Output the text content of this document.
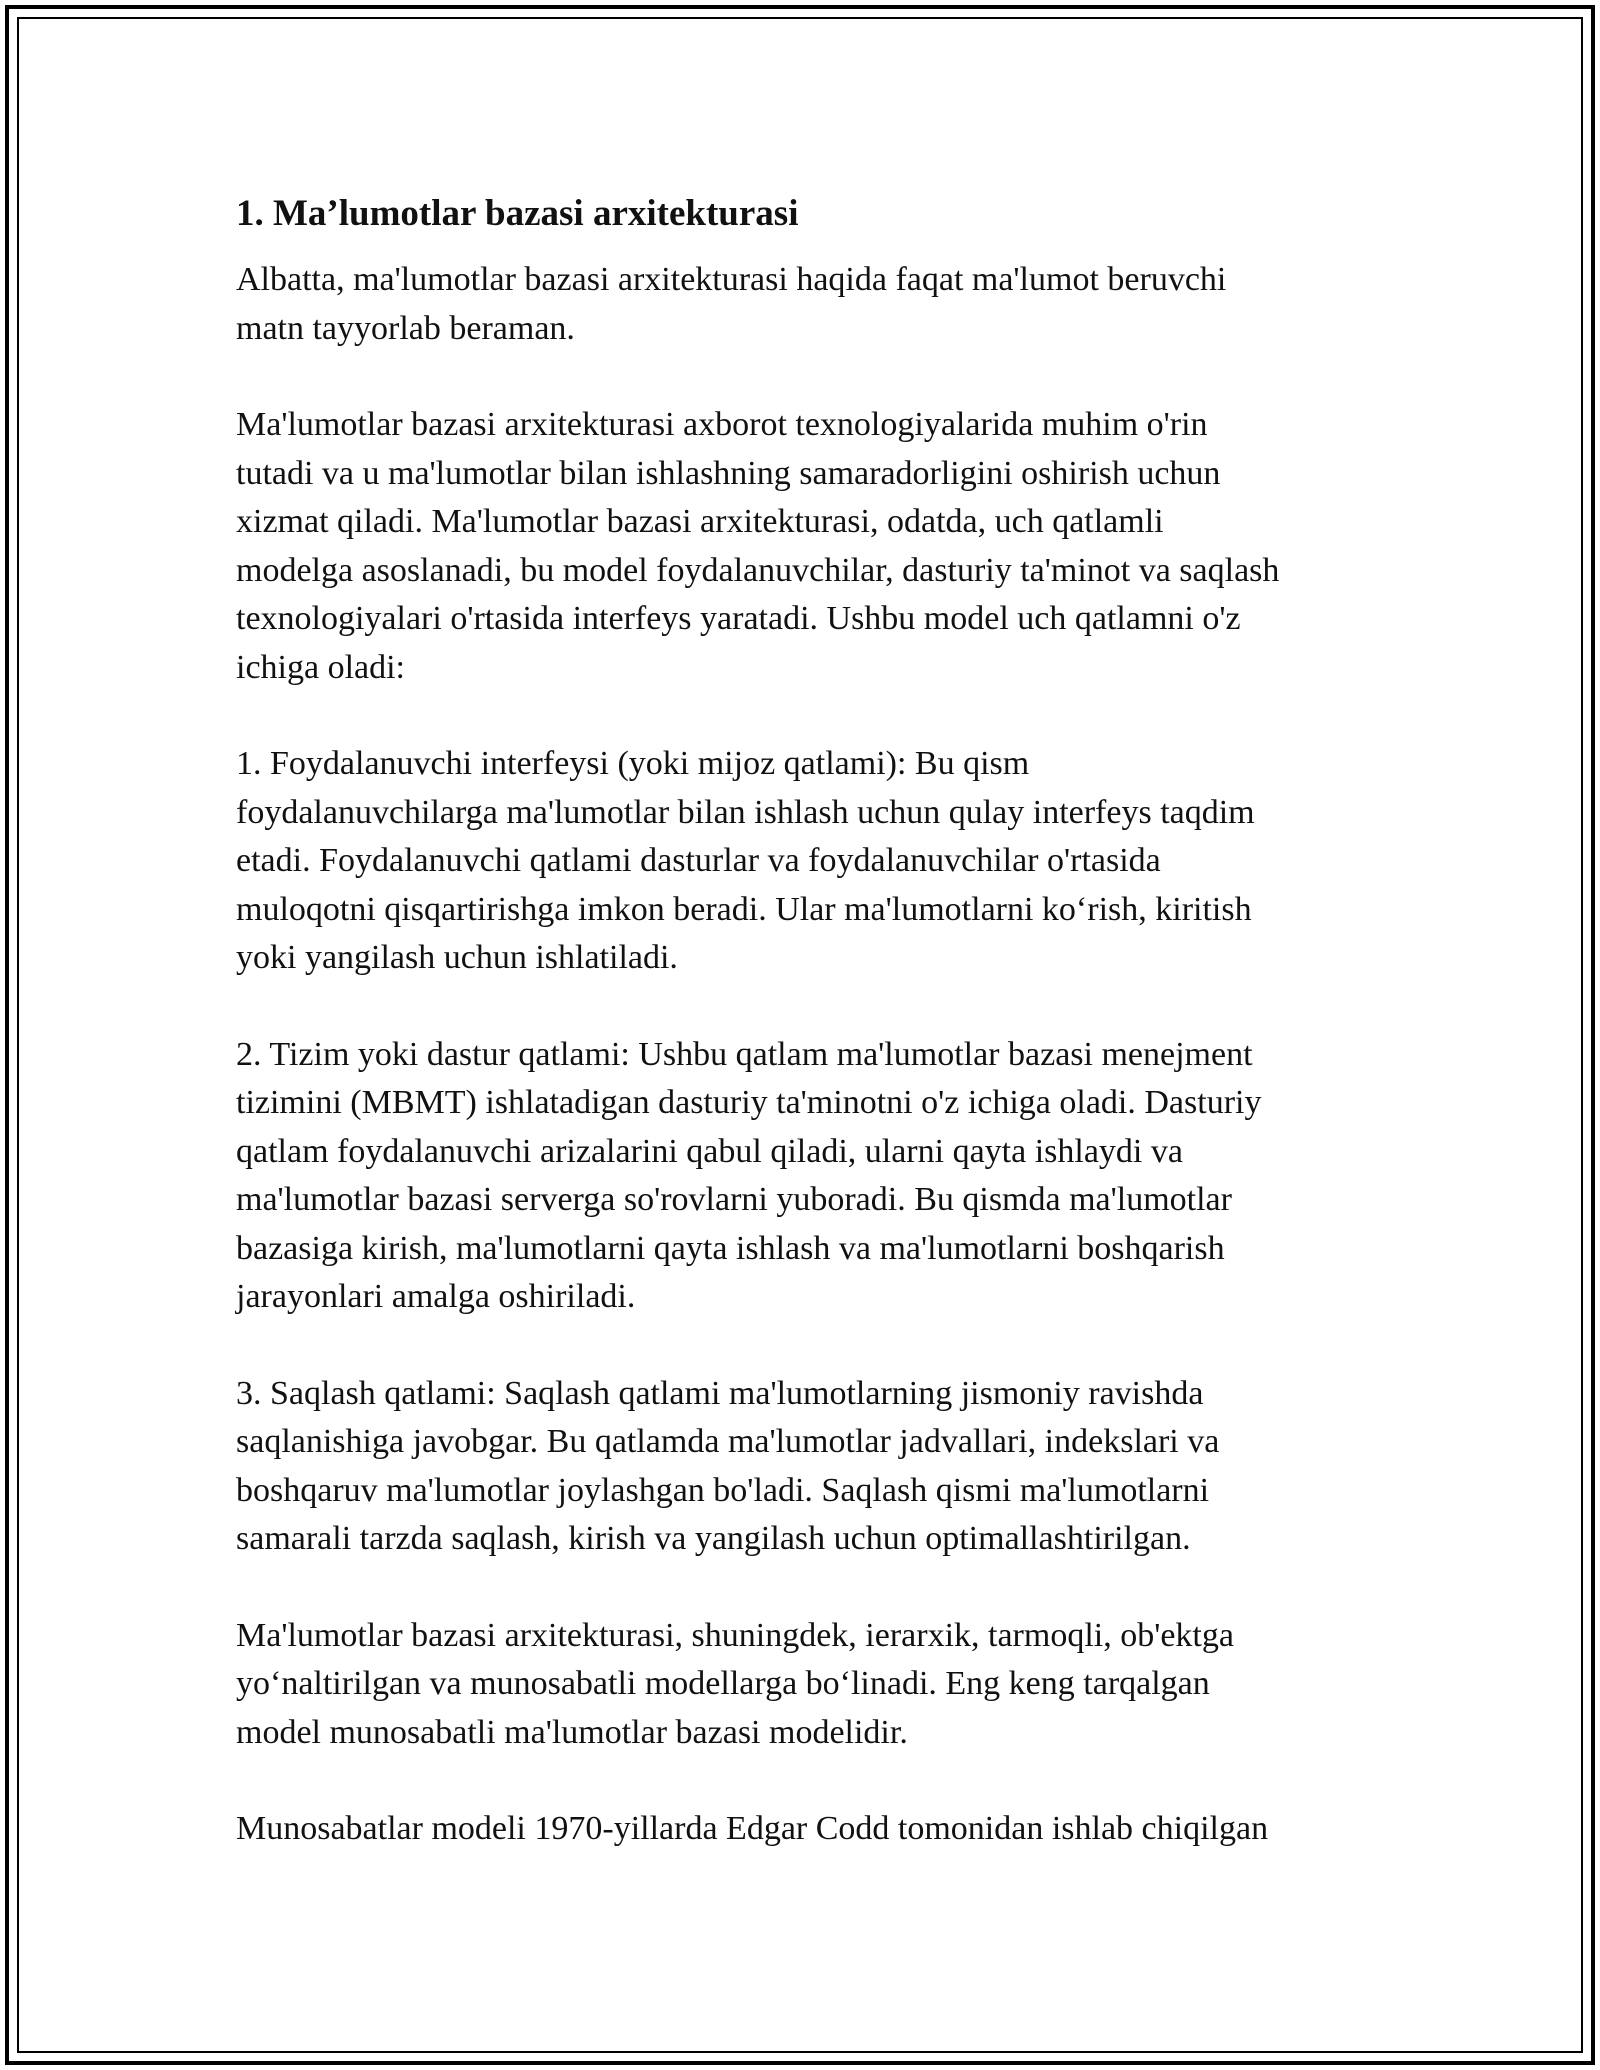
1. Ma’lumotlar bazasi arxitekturasi
Albatta, ma'lumotlar bazasi arxitekturasi haqida faqat ma'lumot beruvchi
matn tayyorlab beraman.
Ma'lumotlar bazasi arxitekturasi axborot texnologiyalarida muhim o'rin
tutadi va u ma'lumotlar bilan ishlashning samaradorligini oshirish uchun
xizmat qiladi. Ma'lumotlar bazasi arxitekturasi, odatda, uch qatlamli
modelga asoslanadi, bu model foydalanuvchilar, dasturiy ta'minot va saqlash
texnologiyalari o'rtasida interfeys yaratadi. Ushbu model uch qatlamni o'z
ichiga oladi:
1. Foydalanuvchi interfeysi (yoki mijoz qatlami): Bu qism
foydalanuvchilarga ma'lumotlar bilan ishlash uchun qulay interfeys taqdim
etadi. Foydalanuvchi qatlami dasturlar va foydalanuvchilar o'rtasida
muloqotni qisqartirishga imkon beradi. Ular ma'lumotlarni ko‘rish, kiritish
yoki yangilash uchun ishlatiladi.
2. Tizim yoki dastur qatlami: Ushbu qatlam ma'lumotlar bazasi menejment
tizimini (MBMT) ishlatadigan dasturiy ta'minotni o'z ichiga oladi. Dasturiy
qatlam foydalanuvchi arizalarini qabul qiladi, ularni qayta ishlaydi va
ma'lumotlar bazasi serverga so'rovlarni yuboradi. Bu qismda ma'lumotlar
bazasiga kirish, ma'lumotlarni qayta ishlash va ma'lumotlarni boshqarish
jarayonlari amalga oshiriladi.
3. Saqlash qatlami: Saqlash qatlami ma'lumotlarning jismoniy ravishda
saqlanishiga javobgar. Bu qatlamda ma'lumotlar jadvallari, indekslari va
boshqaruv ma'lumotlar joylashgan bo'ladi. Saqlash qismi ma'lumotlarni
samarali tarzda saqlash, kirish va yangilash uchun optimallashtirilgan.
Ma'lumotlar bazasi arxitekturasi, shuningdek, ierarxik, tarmoqli, ob'ektga
yo‘naltirilgan va munosabatli modellarga bo‘linadi. Eng keng tarqalgan
model munosabatli ma'lumotlar bazasi modelidir.
Munosabatlar modeli 1970-yillarda Edgar Codd tomonidan ishlab chiqilgan
